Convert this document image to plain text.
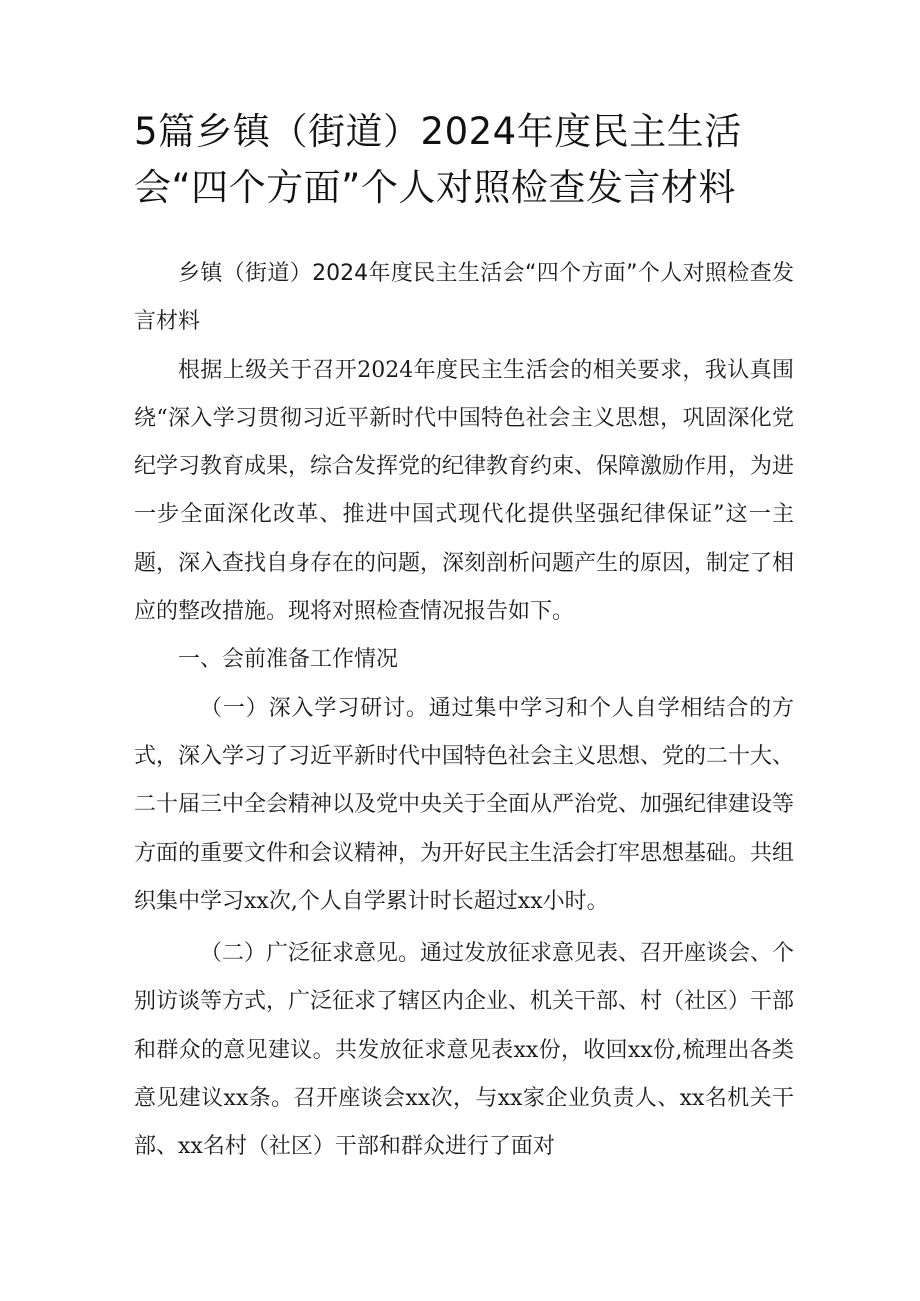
5篇乡镇（街道）2024年度民主生活会“四个方面”个人对照检查发言材料

乡镇（街道）2024年度民主生活会“四个方面”个人对照检查发言材料

根据上级关于召开2024年度民主生活会的相关要求，我认真围绕“深入学习贯彻习近平新时代中国特色社会主义思想，巩固深化党纪学习教育成果，综合发挥党的纪律教育约束、保障激励作用，为进一步全面深化改革、推进中国式现代化提供坚强纪律保证”这一主题，深入查找自身存在的问题，深刻剖析问题产生的原因，制定了相应的整改措施。现将对照检查情况报告如下。

一、会前准备工作情况

（一）深入学习研讨。通过集中学习和个人自学相结合的方式，深入学习了习近平新时代中国特色社会主义思想、党的二十大、二十届三中全会精神以及党中央关于全面从严治党、加强纪律建设等方面的重要文件和会议精神，为开好民主生活会打牢思想基础。共组织集中学习xx次,个人自学累计时长超过xx小时。

（二）广泛征求意见。通过发放征求意见表、召开座谈会、个别访谈等方式，广泛征求了辖区内企业、机关干部、村（社区）干部和群众的意见建议。共发放征求意见表xx份，收回xx份,梳理出各类意见建议xx条。召开座谈会xx次，与xx家企业负责人、xx名机关干部、xx名村（社区）干部和群众进行了面对
